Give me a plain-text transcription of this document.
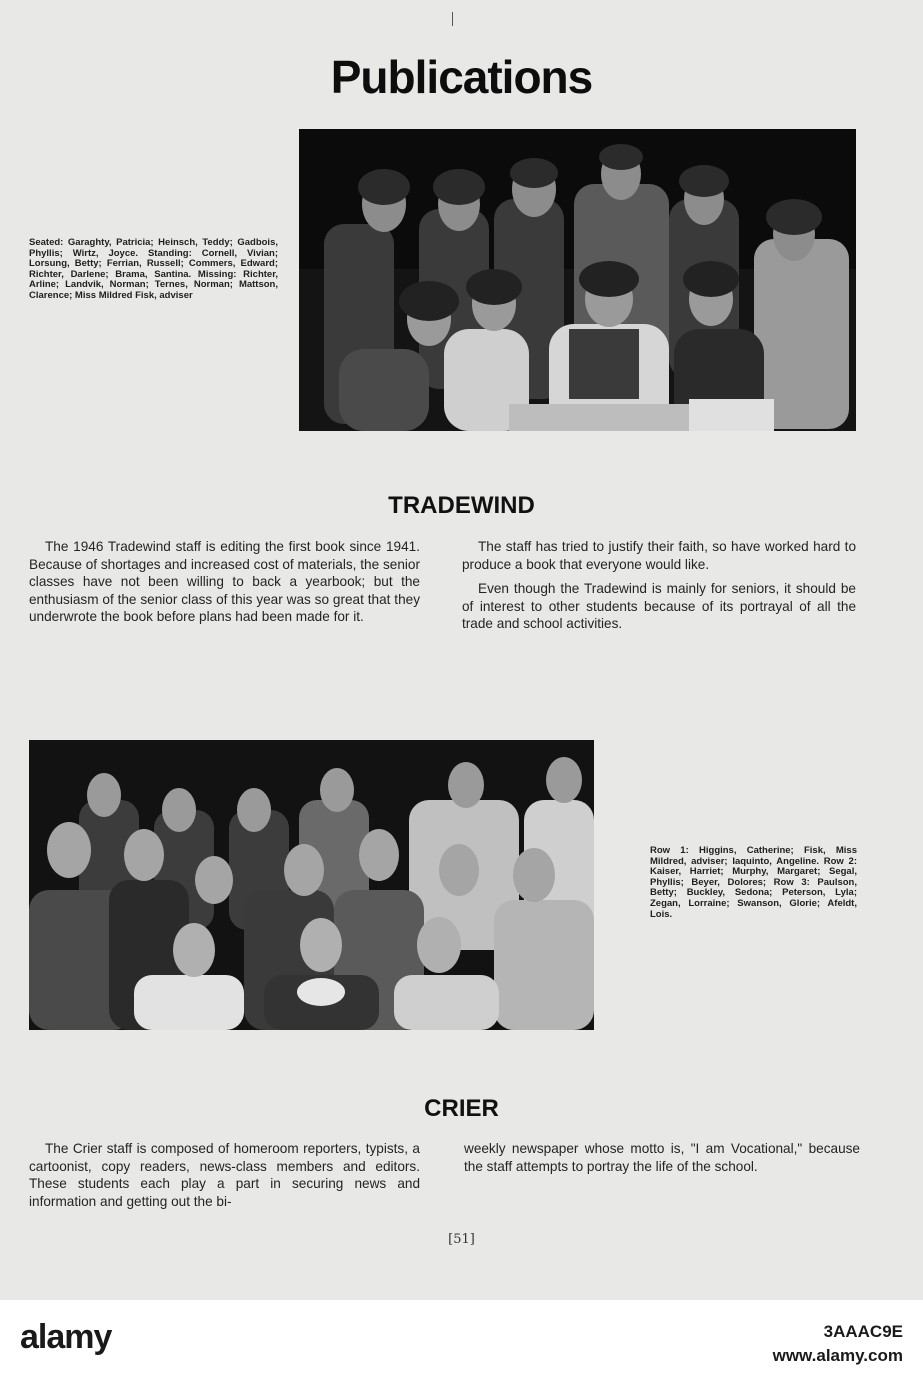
Publications
Seated: Garaghty, Patricia; Heinsch, Teddy; Gadbois, Phyllis; Wirtz, Joyce. Standing: Cornell, Vivian; Lorsung, Betty; Ferrian, Russell; Commers, Edward; Richter, Darlene; Brama, Santina. Missing: Richter, Arline; Landvik, Norman; Ternes, Norman; Mattson, Clarence; Miss Mildred Fisk, adviser
TRADEWIND

The 1946 Tradewind staff is editing the first book since 1941. Because of shortages and increased cost of materials, the senior classes have not been willing to back a yearbook; but the enthusiasm of the senior class of this year was so great that they underwrote the book before plans had been made for it.

The staff has tried to justify their faith, so have worked hard to produce a book that everyone would like.

Even though the Tradewind is mainly for seniors, it should be of interest to other students because of its portrayal of all the trade and school activities.

Row 1: Higgins, Catherine; Fisk, Miss Mildred, adviser; Iaquinto, Angeline. Row 2: Kaiser, Harriet; Murphy, Margaret; Segal, Phyllis; Beyer, Dolores; Row 3: Paulson, Betty; Buckley, Sedona; Peterson, Lyla; Zegan, Lorraine; Swanson, Glorie; Afeldt, Lois.
CRIER

The Crier staff is composed of homeroom reporters, typists, a cartoonist, copy readers, news-class members and editors. These students each play a part in securing news and information and getting out the bi-

weekly newspaper whose motto is, "I am Vocational," because the staff attempts to portray the life of the school.

[51]
alamy	3AAAC9E
www.alamy.com
